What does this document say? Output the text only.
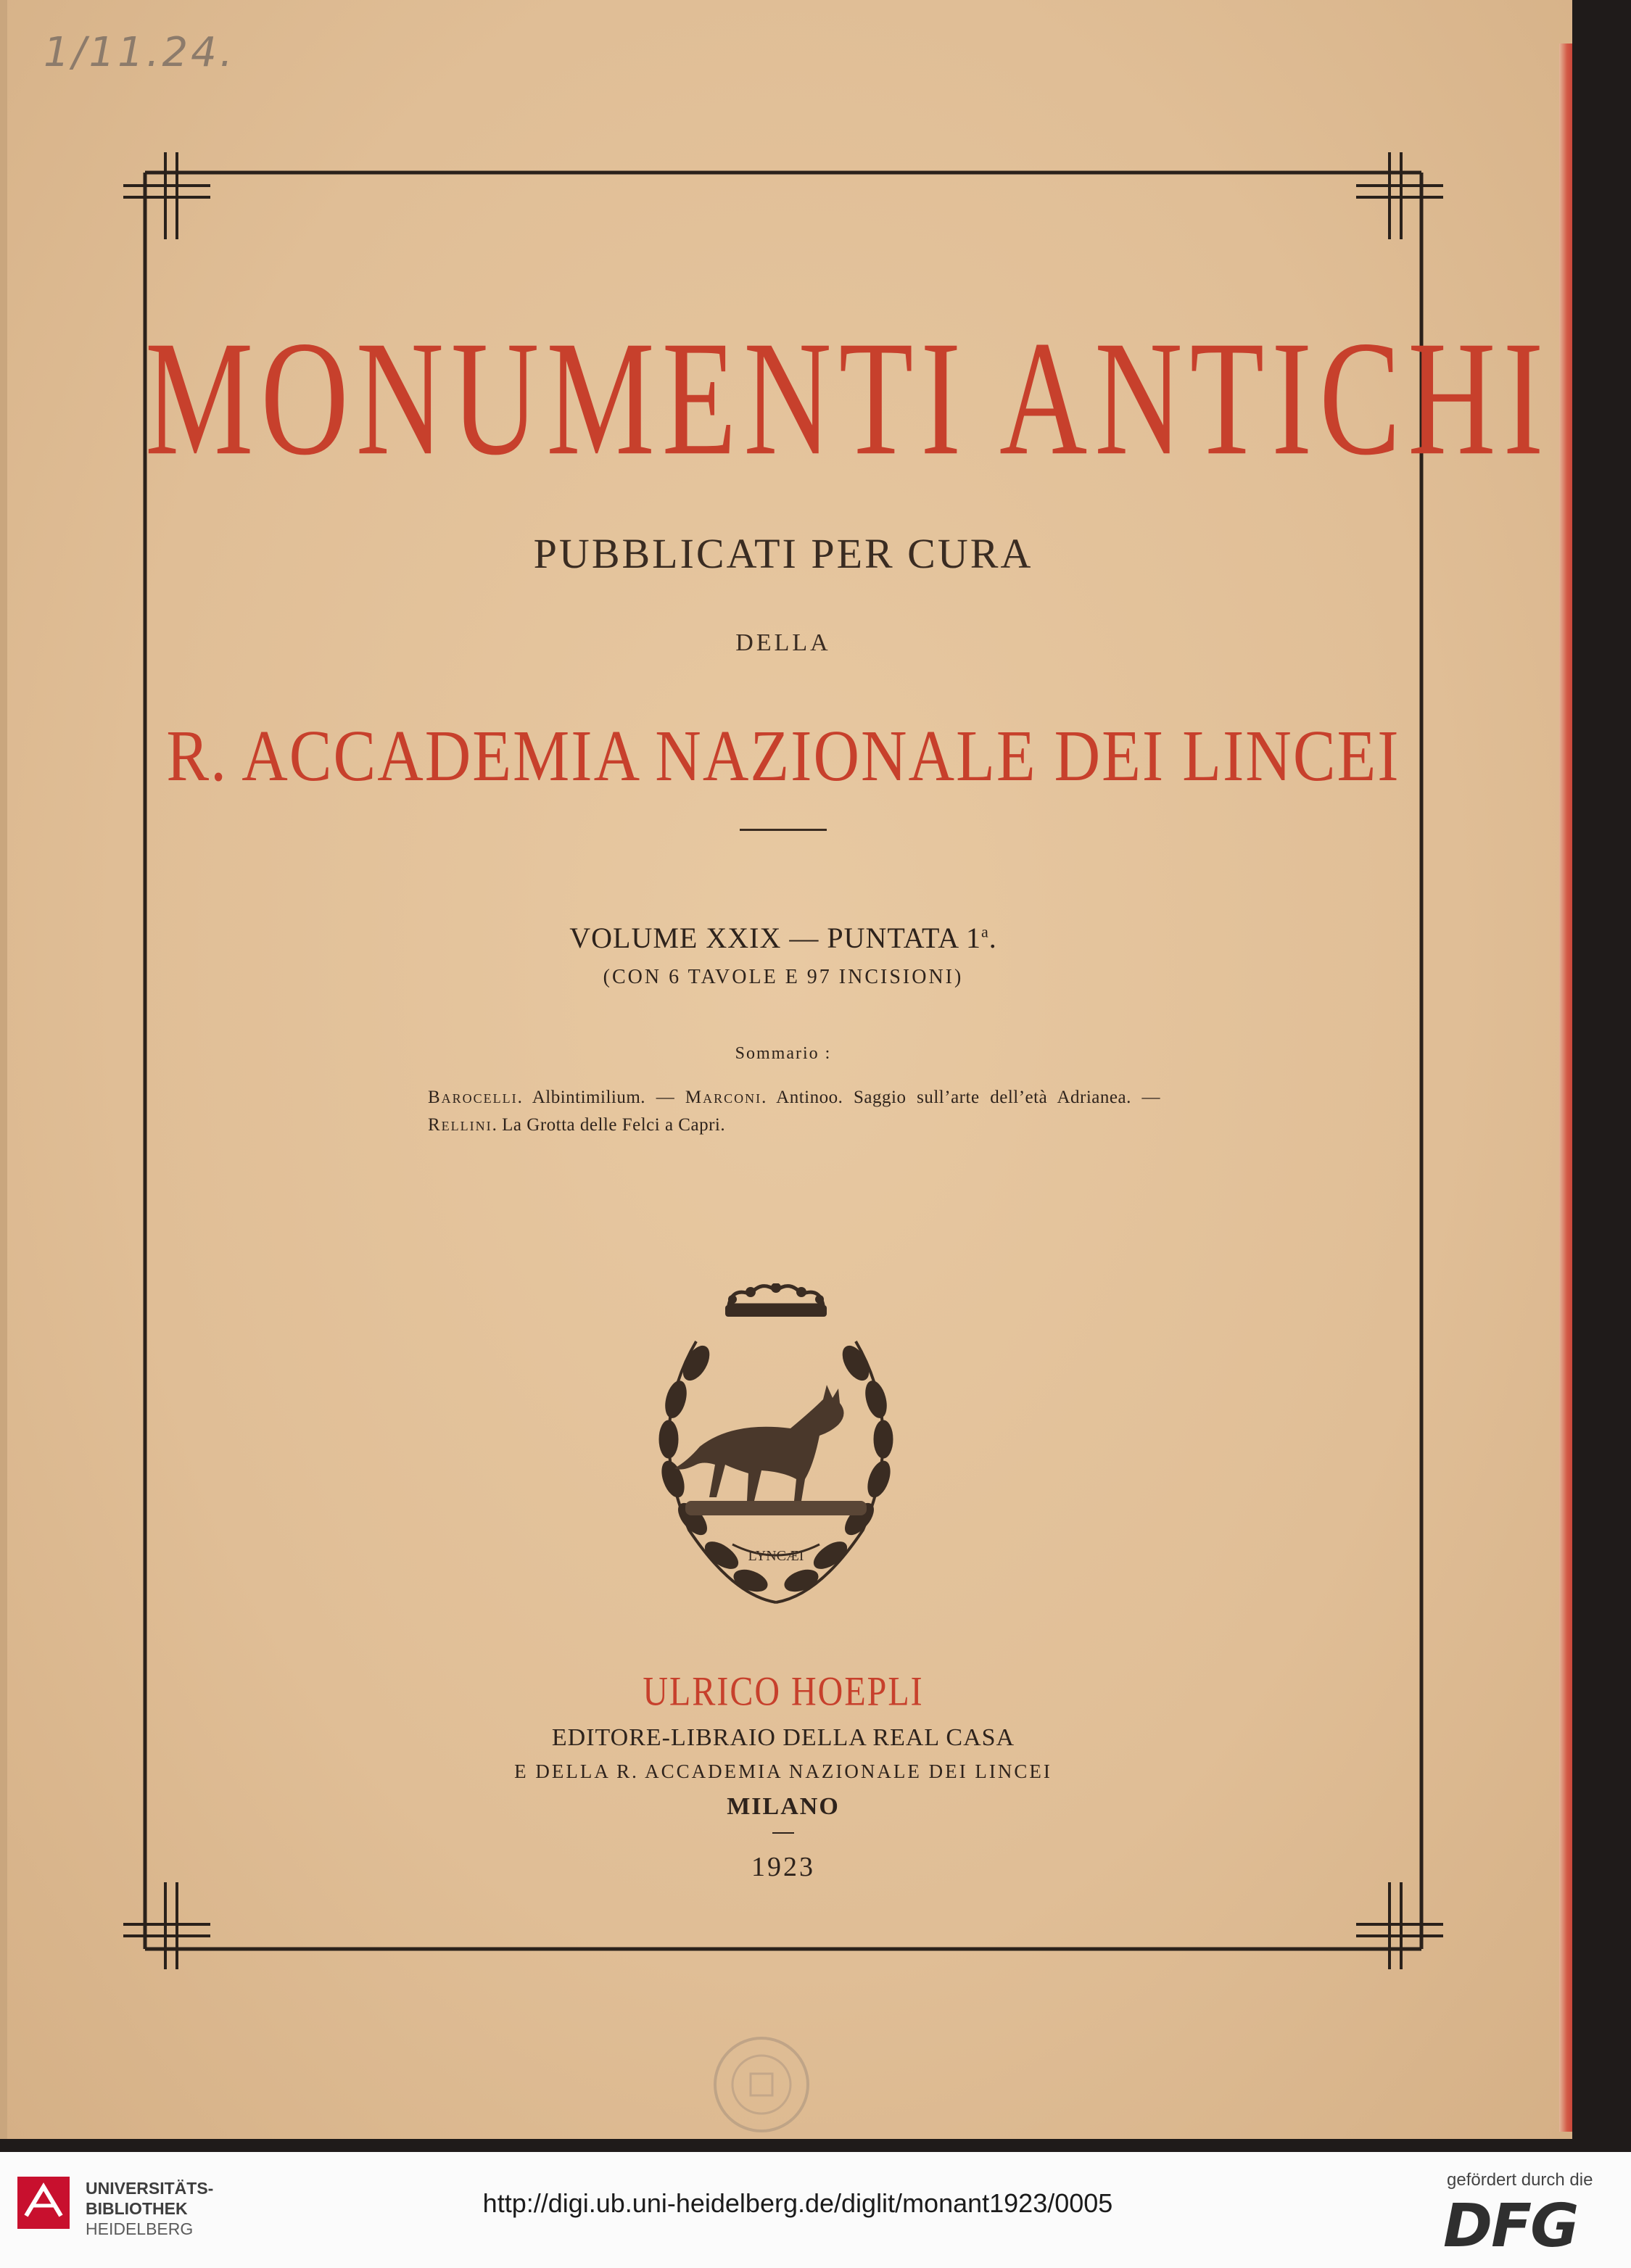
1/11.24.
MONUMENTI ANTICHI
PUBBLICATI PER CURA
DELLA
R. ACCADEMIA NAZIONALE DEI LINCEI
VOLUME XXIX — PUNTATA 1$^a$.
(CON 6 TAVOLE E 97 INCISIONI)
Sommario :
Barocelli. Albintimilium. — Marconi. Antinoo. Saggio sull’arte dell’età Adrianea. — Rellini. La Grotta delle Felci a Capri.
LYNCÆI
ULRICO HOEPLI
EDITORE-LIBRAIO DELLA REAL CASA
E DELLA R. ACCADEMIA NAZIONALE DEI LINCEI
MILANO
1923
UNIVERSITÄTS-
BIBLIOTHEK
HEIDELBERG
http://digi.ub.uni-heidelberg.de/diglit/monant1923/0005
gefördert durch die
DFG
